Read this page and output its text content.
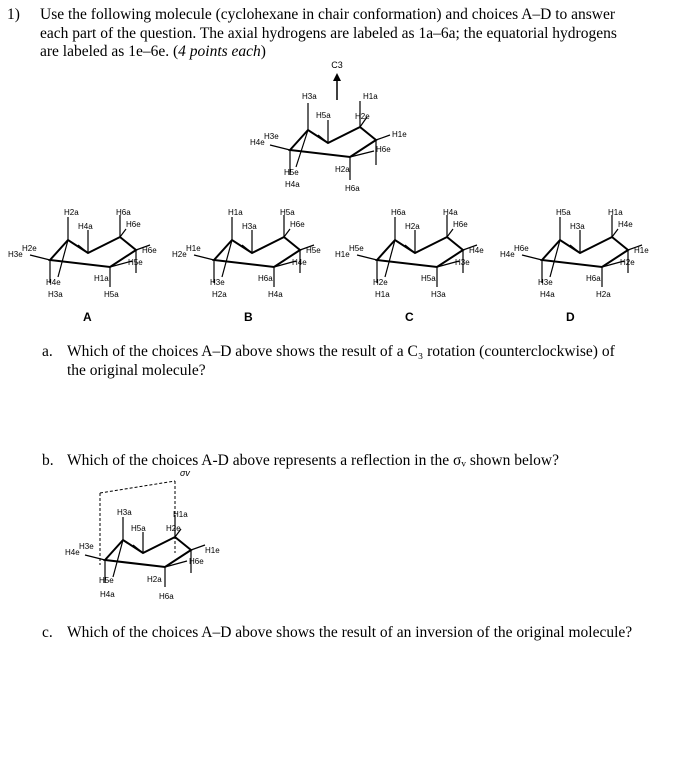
1) Use the following molecule (cyclohexane in chair conformation) and choices A–D to answer
each part of the question. The axial hydrogens are labeled as 1a–6a; the equatorial hydrogens
are labeled as 1e–6e. (4 points each)
C3
H3a	H1a
H5a	H2e
H4e
H3e	H1e
H6e
H5e	H2a
H4a	H6a
H2a	H6a
H4a	H6e
H3e
H2e	H6e
H5e
H1a
H4e
H3a	H5a
A
H1a	H5a
H3a	H6e
H2e
H1e	H5e
H4e
H6a
H3e
H2a	H4a
B
H6a	H4a
H2a	H6e
H1e
H5e	H4e
H3e
H5a
H2e
H1a	H3a
C
H5a	H1a
H3a	H4e
H4e
H6e	H1e
H2e
H6a
H3e
H4a	H2a
D
a. Which of the choices A–D above shows the result of a C₃ rotation (counterclockwise) of
the original molecule?
b. Which of the choices A-D above represents a reflection in the σᵥ shown below?
σv
H3a	H1a
H5a	H2e
H4e
H3e	H1e
H6e
H5e	H2a
H4a	H6a
c. Which of the choices A–D above shows the result of an inversion of the original molecule?
